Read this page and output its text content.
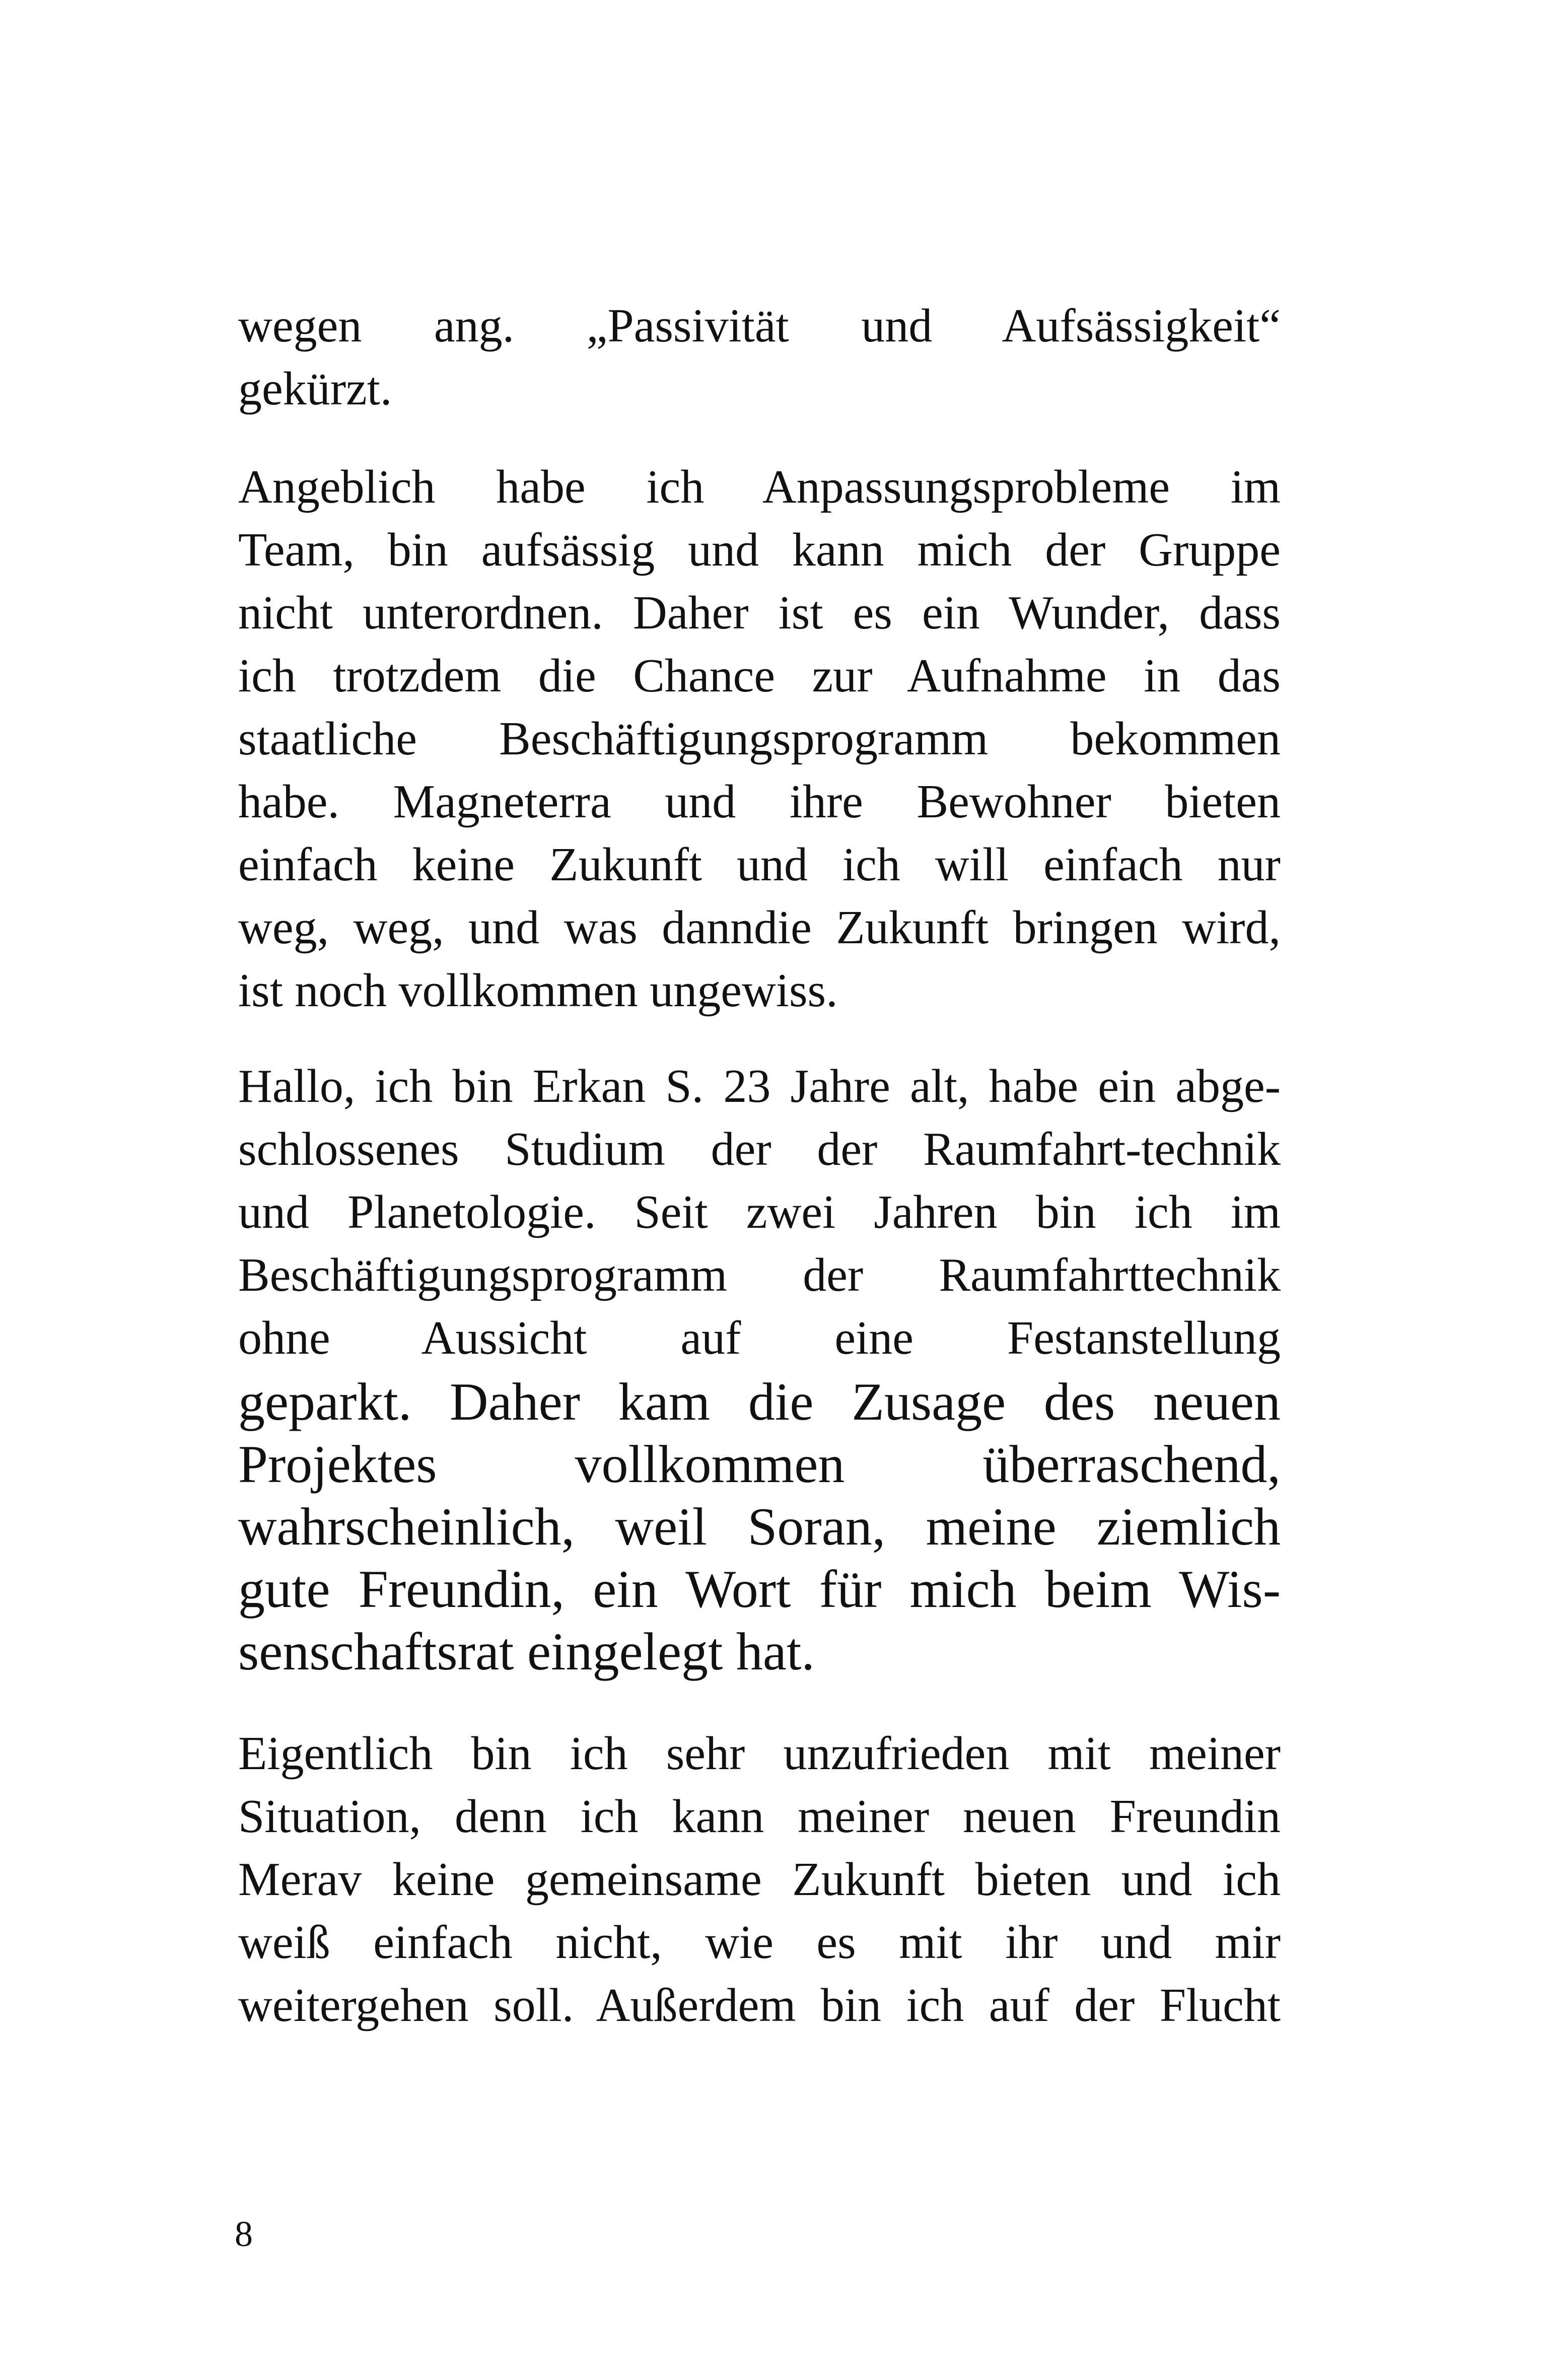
wegen ang. „Passivität und Aufsässigkeit“
gekürzt.
Angeblich habe ich Anpassungsprobleme im
Team, bin aufsässig und kann mich der Gruppe
nicht unterordnen. Daher ist es ein Wunder, dass
ich trotzdem die Chance zur Aufnahme in das
staatliche Beschäftigungsprogramm bekommen
habe. Magneterra und ihre Bewohner bieten
einfach keine Zukunft und ich will einfach nur
weg, weg, und was danndie Zukunft bringen wird,
ist noch vollkommen ungewiss.
Hallo, ich bin Erkan S. 23 Jahre alt, habe ein abge-
schlossenes Studium der der Raumfahrt-technik
und Planetologie. Seit zwei Jahren bin ich im
Beschäftigungsprogramm der Raumfahrttechnik
ohne Aussicht auf eine Festanstellung
geparkt. Daher kam die Zusage des neuen
Projektes vollkommen überraschend,
wahrscheinlich, weil Soran, meine ziemlich
gute Freundin, ein Wort für mich beim Wis-
senschaftsrat eingelegt hat.
Eigentlich bin ich sehr unzufrieden mit meiner
Situation, denn ich kann meiner neuen Freundin
Merav keine gemeinsame Zukunft bieten und ich
weiß einfach nicht, wie es mit ihr und mir
weitergehen soll. Außerdem bin ich auf der Flucht
8
